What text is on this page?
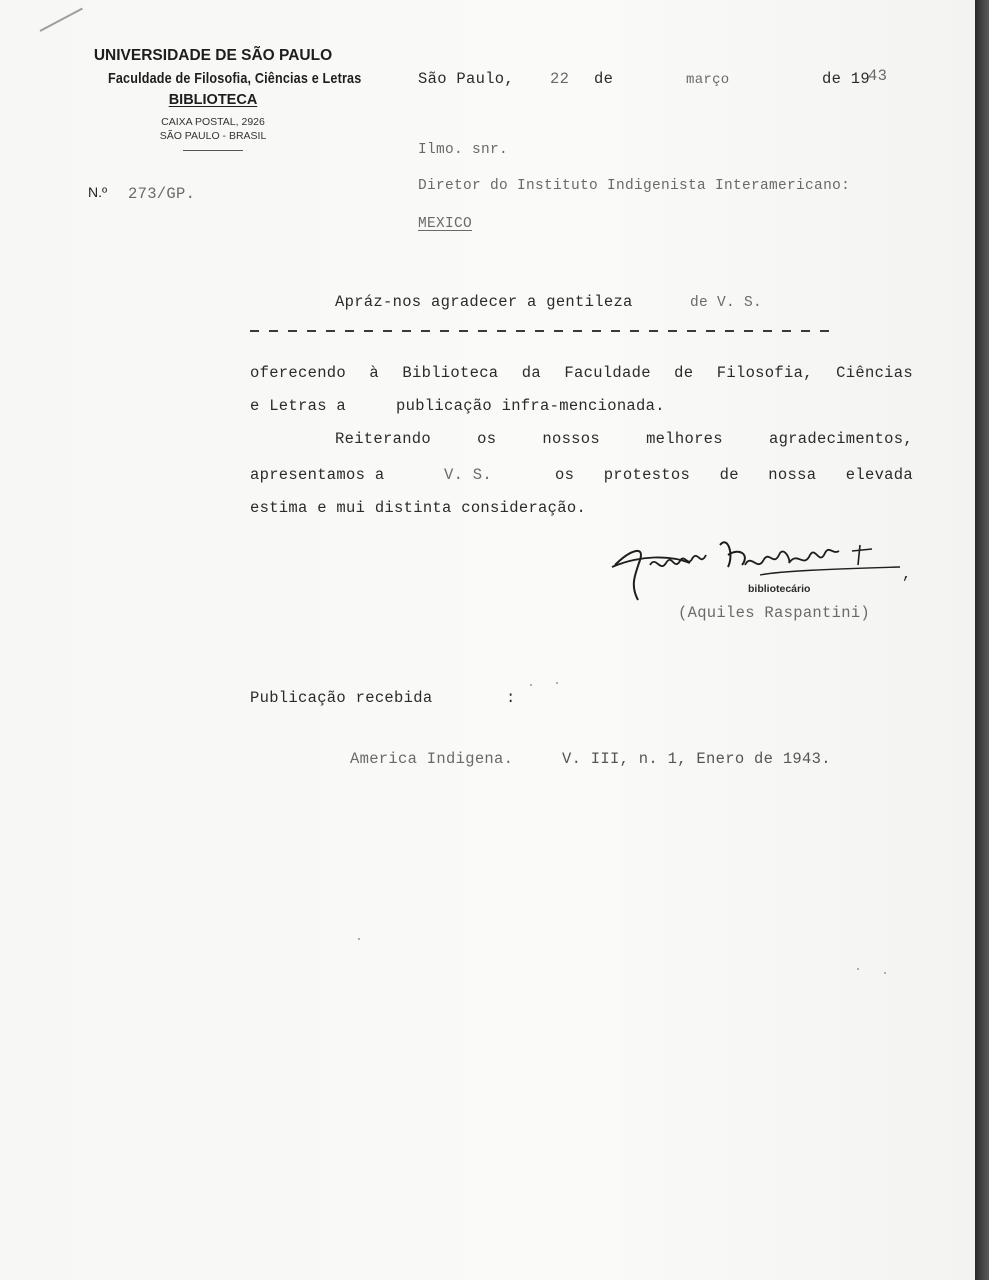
UNIVERSIDADE DE SÃO PAULO
Faculdade de Filosofia, Ciências e Letras
BIBLIOTECA
CAIXA POSTAL, 2926
SÃO PAULO - BRASIL
N.º 273/GP.
São Paulo, 22 de	março	de 19
43
Ilmo. snr.
Diretor do Instituto Indigenista Interamericano:
MEXICO
Apráz-nos agradecer a gentileza	de V. S.
oferecendo à Biblioteca da Faculdade de Filosofia, Ciências
e Letras a	publicação infra-mencionada.
Reiterando os nossos melhores agradecimentos,
apresentamos a	V. S.	os protestos de nossa elevada
estima e mui distinta consideração.
bibliotecário
,
(Aquiles Raspantini)
Publicação recebida	:
America Indigena.	V. III, n. 1, Enero de 1943.
